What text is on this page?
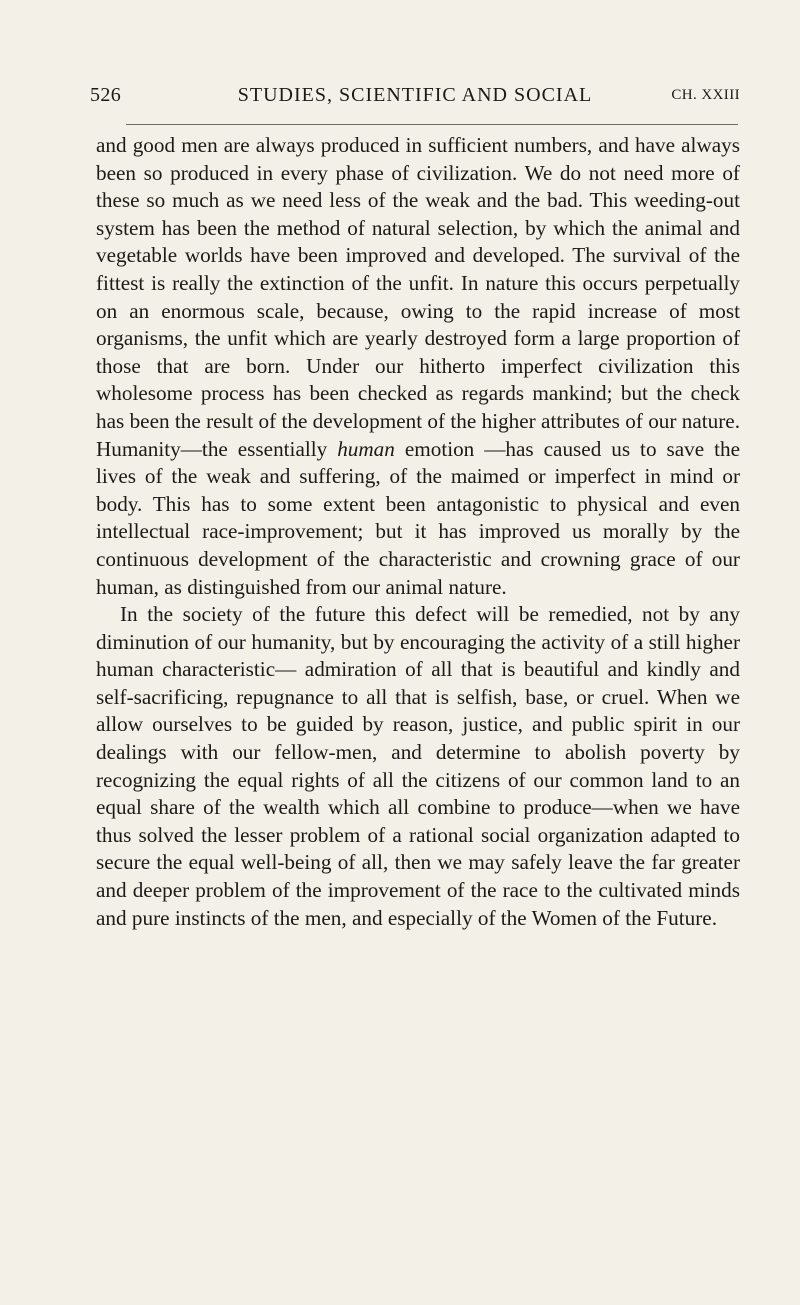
526	STUDIES, SCIENTIFIC AND SOCIAL	CH. XXIII

and good men are always produced in sufficient numbers, and have always been so produced in every phase of civilization. We do not need more of these so much as we need less of the weak and the bad. This weeding-out system has been the method of natural selection, by which the animal and vegetable worlds have been improved and developed. The survival of the fittest is really the extinction of the unfit. In nature this occurs perpetually on an enormous scale, because, owing to the rapid increase of most organisms, the unfit which are yearly destroyed form a large proportion of those that are born. Under our hitherto imperfect civilization this wholesome process has been checked as regards mankind; but the check has been the result of the development of the higher attributes of our nature. Humanity—the essentially human emotion —has caused us to save the lives of the weak and suffering, of the maimed or imperfect in mind or body. This has to some extent been antagonistic to physical and even intellectual race-improvement; but it has improved us morally by the continuous development of the characteristic and crowning grace of our human, as distinguished from our animal nature.

In the society of the future this defect will be remedied, not by any diminution of our humanity, but by encouraging the activity of a still higher human characteristic— admiration of all that is beautiful and kindly and self-sacrificing, repugnance to all that is selfish, base, or cruel. When we allow ourselves to be guided by reason, justice, and public spirit in our dealings with our fellow-men, and determine to abolish poverty by recognizing the equal rights of all the citizens of our common land to an equal share of the wealth which all combine to produce—when we have thus solved the lesser problem of a rational social organization adapted to secure the equal well-being of all, then we may safely leave the far greater and deeper problem of the improvement of the race to the cultivated minds and pure instincts of the men, and especially of the Women of the Future.
